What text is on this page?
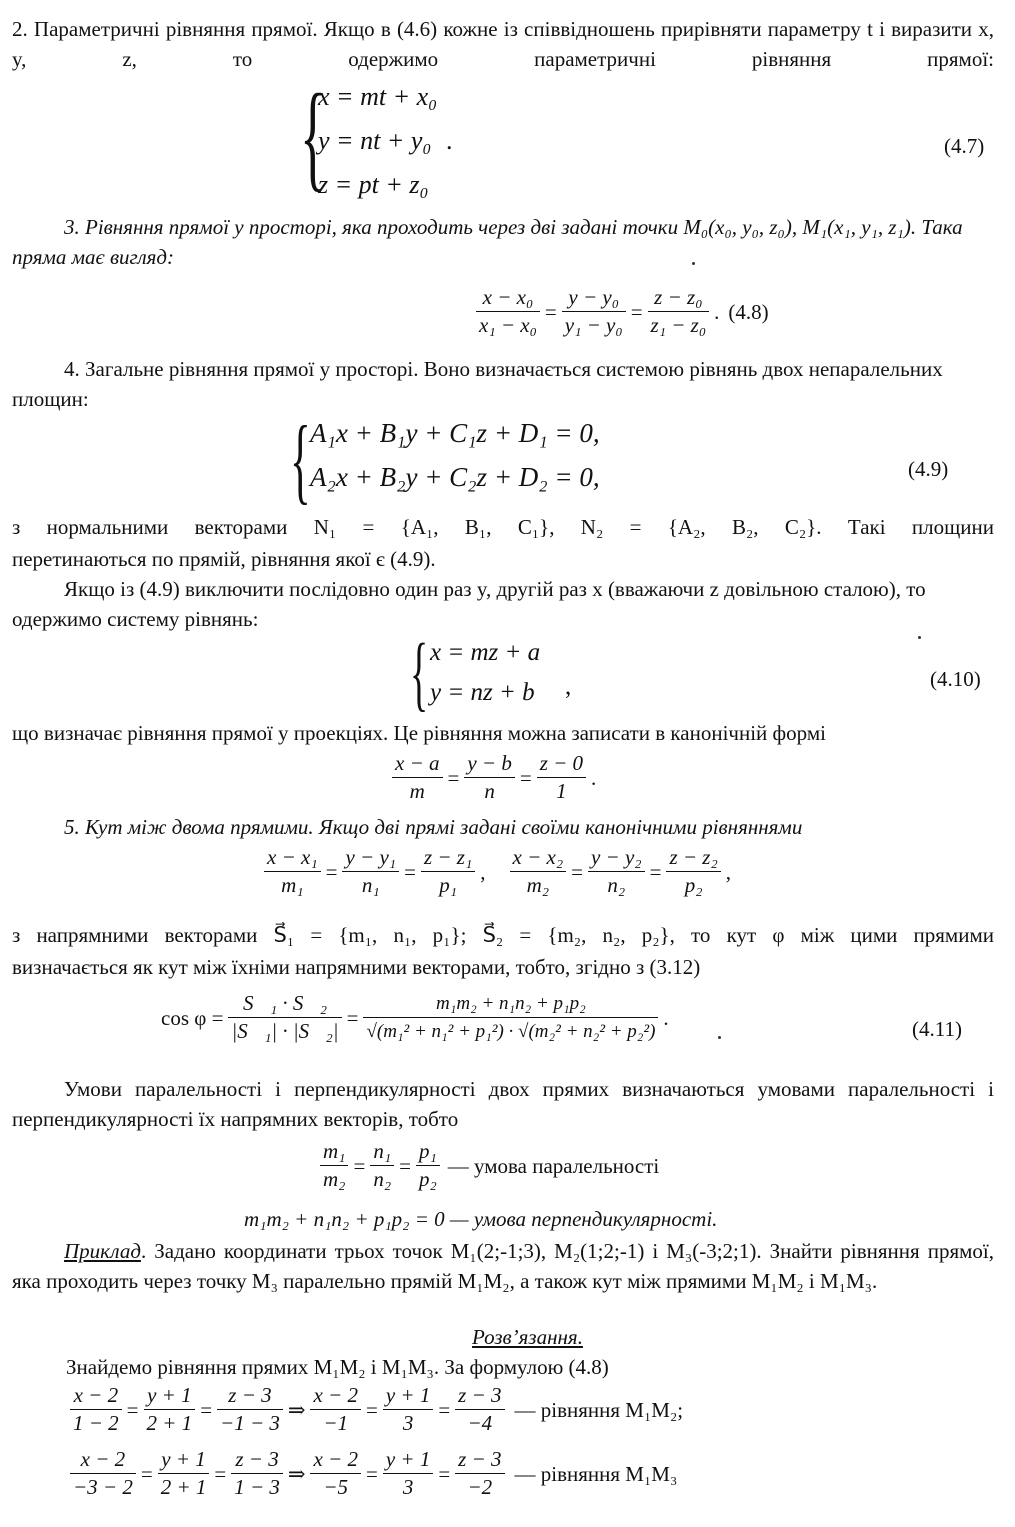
2. Параметричні рівняння прямої. Якщо в (4.6) кожне із співвідношень прирівняти параметру t і виразити x, y, z, то одержимо параметричні рівняння прямої:

{
x = mt + x₀
y = nt + y₀ .
z = pt + z₀
(4.7)

3. Рівняння прямої у просторі, яка проходить через дві задані точки M₀(x₀, y₀, z₀), M₁(x₁, y₁, z₁). Така пряма має вигляд:

$\frac{\text{x − x₀}}{\text{x₁ − x₀}} = \frac{\text{y − y₀}}{\text{y₁ − y₀}} = \frac{\text{z − z₀}}{\text{z₁ − z₀}}$ . (4.8)

4. Загальне рівняння прямої у просторі. Воно визначається системою рівнянь двох непаралельних площин:

{ A₁x + B₁y + C₁z + D₁ = 0,
A₂x + B₂y + C₂z + D₂ = 0,	(4.9)

з нормальними векторами N₁ = {A₁, B₁, C₁}, N₂ = {A₂, B₂, C₂}. Такі площини

перетинаються по прямій, рівняння якої є (4.9).

Якщо із (4.9) виключити послідовно один раз y, другій раз x (вважаючи z довільною сталою), то одержимо систему рівнянь:

{ x = mz + a
y = nz + b ,	(4.10)

що визначає рівняння прямої у проекціях. Це рівняння можна записати в канонічній формі

$\frac{x - a}{m} = \frac{y - b}{n} = \frac{z - 0}{1}$ .

5. Кут між двома прямими. Якщо дві прямі задані своїми канонічними рівняннями

$\frac{\text{x − x₁}}{\text{m₁}} = \frac{\text{y − y₁}}{\text{n₁}} = \frac{\text{z − z₁}}{\text{p₁}}$ , $\frac{\text{x − x₂}}{\text{m₂}} = \frac{\text{y − y₂}}{\text{n₂}} = \frac{\text{z − z₂}}{\text{p₂}}$ ,

з напрямними векторами S⃗₁ = {m₁, n₁, p₁}; S⃗₂ = {m₂, n₂, p₂}, то кут φ між цими прямими

визначається як кут між їхніми напрямними векторами, тобто, згідно з (3.12)

$\cos \varphi = \frac{\text{S⃗₁ · S⃗₂}}{\text{|S⃗₁| · |S⃗₂|}} = \frac{\text{m₁m₂ + n₁n₂ + p₁p₂}}{\text{√(m₁² + n₁² + p₁²) · √(m₂² + n₂² + p₂²)}}$ .	(4.11)

Умови паралельності і перпендикулярності двох прямих визначаються умовами паралельності і перпендикулярності їх напрямних векторів, тобто

$\frac{\text{m₁}}{\text{m₂}} = \frac{\text{n₁}}{\text{n₂}} = \frac{\text{p₁}}{\text{p₂}}$ — умова паралельності
m₁m₂ + n₁n₂ + p₁p₂ = 0 — умова перпендикулярності.

Приклад. Задано координати трьох точок M₁(2;-1;3), M₂(1;2;-1) і M₃(-3;2;1). Знайти рівняння прямої, яка проходить через точку M₃ паралельно прямій M₁M₂, а також кут між прямими M₁M₂ і M₁M₃.

Розв’язання.

Знайдемо рівняння прямих M₁M₂ і M₁M₃. За формулою (4.8)

$\frac{x - 2}{1 - 2} = \frac{y + 1}{2 + 1} = \frac{z - 3}{-1 - 3}$ ⇒ $\frac{x - 2}{-1} = \frac{y + 1}{3} = \frac{z - 3}{-4}$ — рівняння M₁M₂;
$\frac{x - 2}{-3 - 2} = \frac{y + 1}{2 + 1} = \frac{z - 3}{1 - 3}$ ⇒ $\frac{x - 2}{-5} = \frac{y + 1}{3} = \frac{z - 3}{-2}$ — рівняння M₁M₃
